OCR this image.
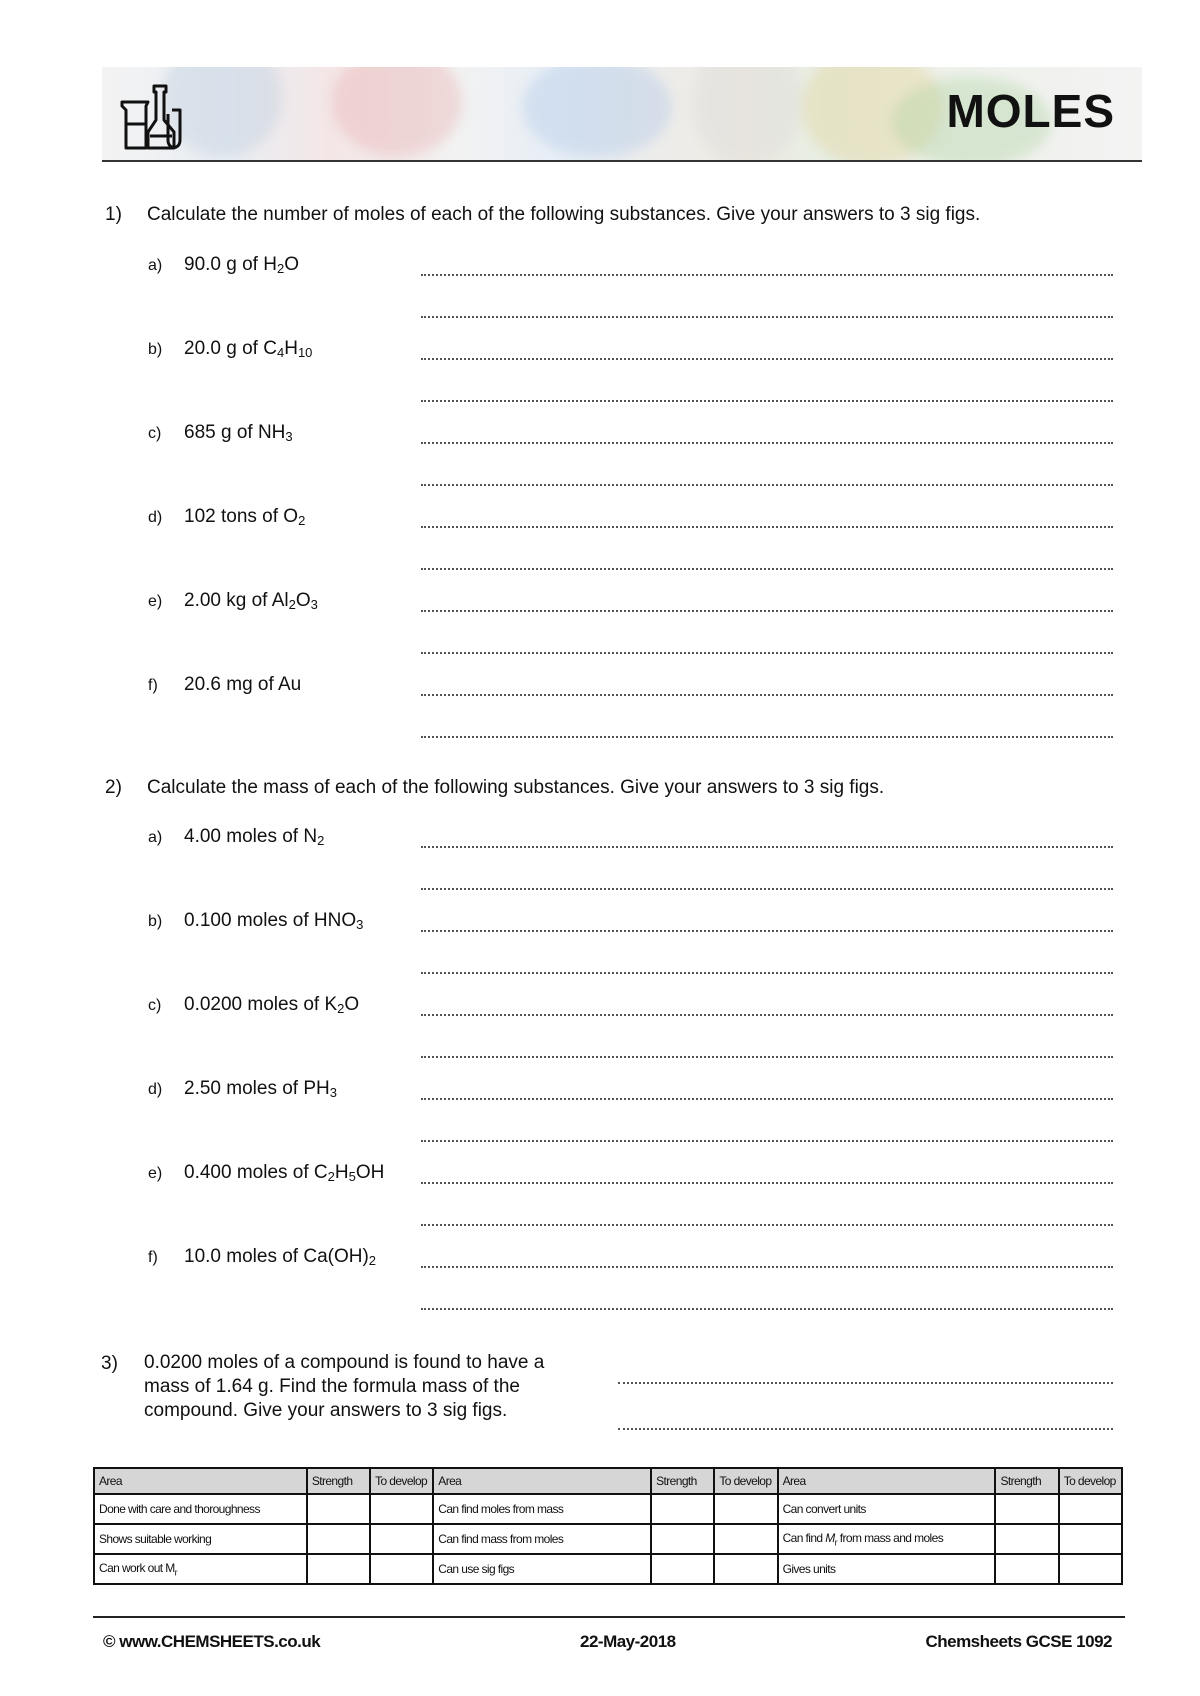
MOLES
1) Calculate the number of moles of each of the following substances. Give your answers to 3 sig figs.
a) 90.0 g of $H_2O$
b) 20.0 g of $C_4H_{10}$
c) 685 g of $NH_3$
d) 102 tons of $O_2$
e) 2.00 kg of $Al_2O_3$
f) 20.6 mg of Au
2) Calculate the mass of each of the following substances. Give your answers to 3 sig figs.
a) 4.00 moles of $N_2$
b) 0.100 moles of $HNO_3$
c) 0.0200 moles of $K_2O$
d) 2.50 moles of $PH_3$
e) 0.400 moles of $C_2H_5OH$
f) 10.0 moles of $Ca(OH)_2$
3) 0.0200 moles of a compound is found to have a
mass of 1.64 g. Find the formula mass of the
compound. Give your answers to 3 sig figs.
Area	Strength	To develop	Area	Strength	To develop	Area	Strength	To develop
Done with care and thoroughness			Can find moles from mass			Can convert units		
Shows suitable working			Can find mass from moles			Can find $M_r$ from mass and moles		
Can work out $M_r$			Can use sig figs			Gives units		
© www.CHEMSHEETS.co.uk	22-May-2018	Chemsheets GCSE 1092
